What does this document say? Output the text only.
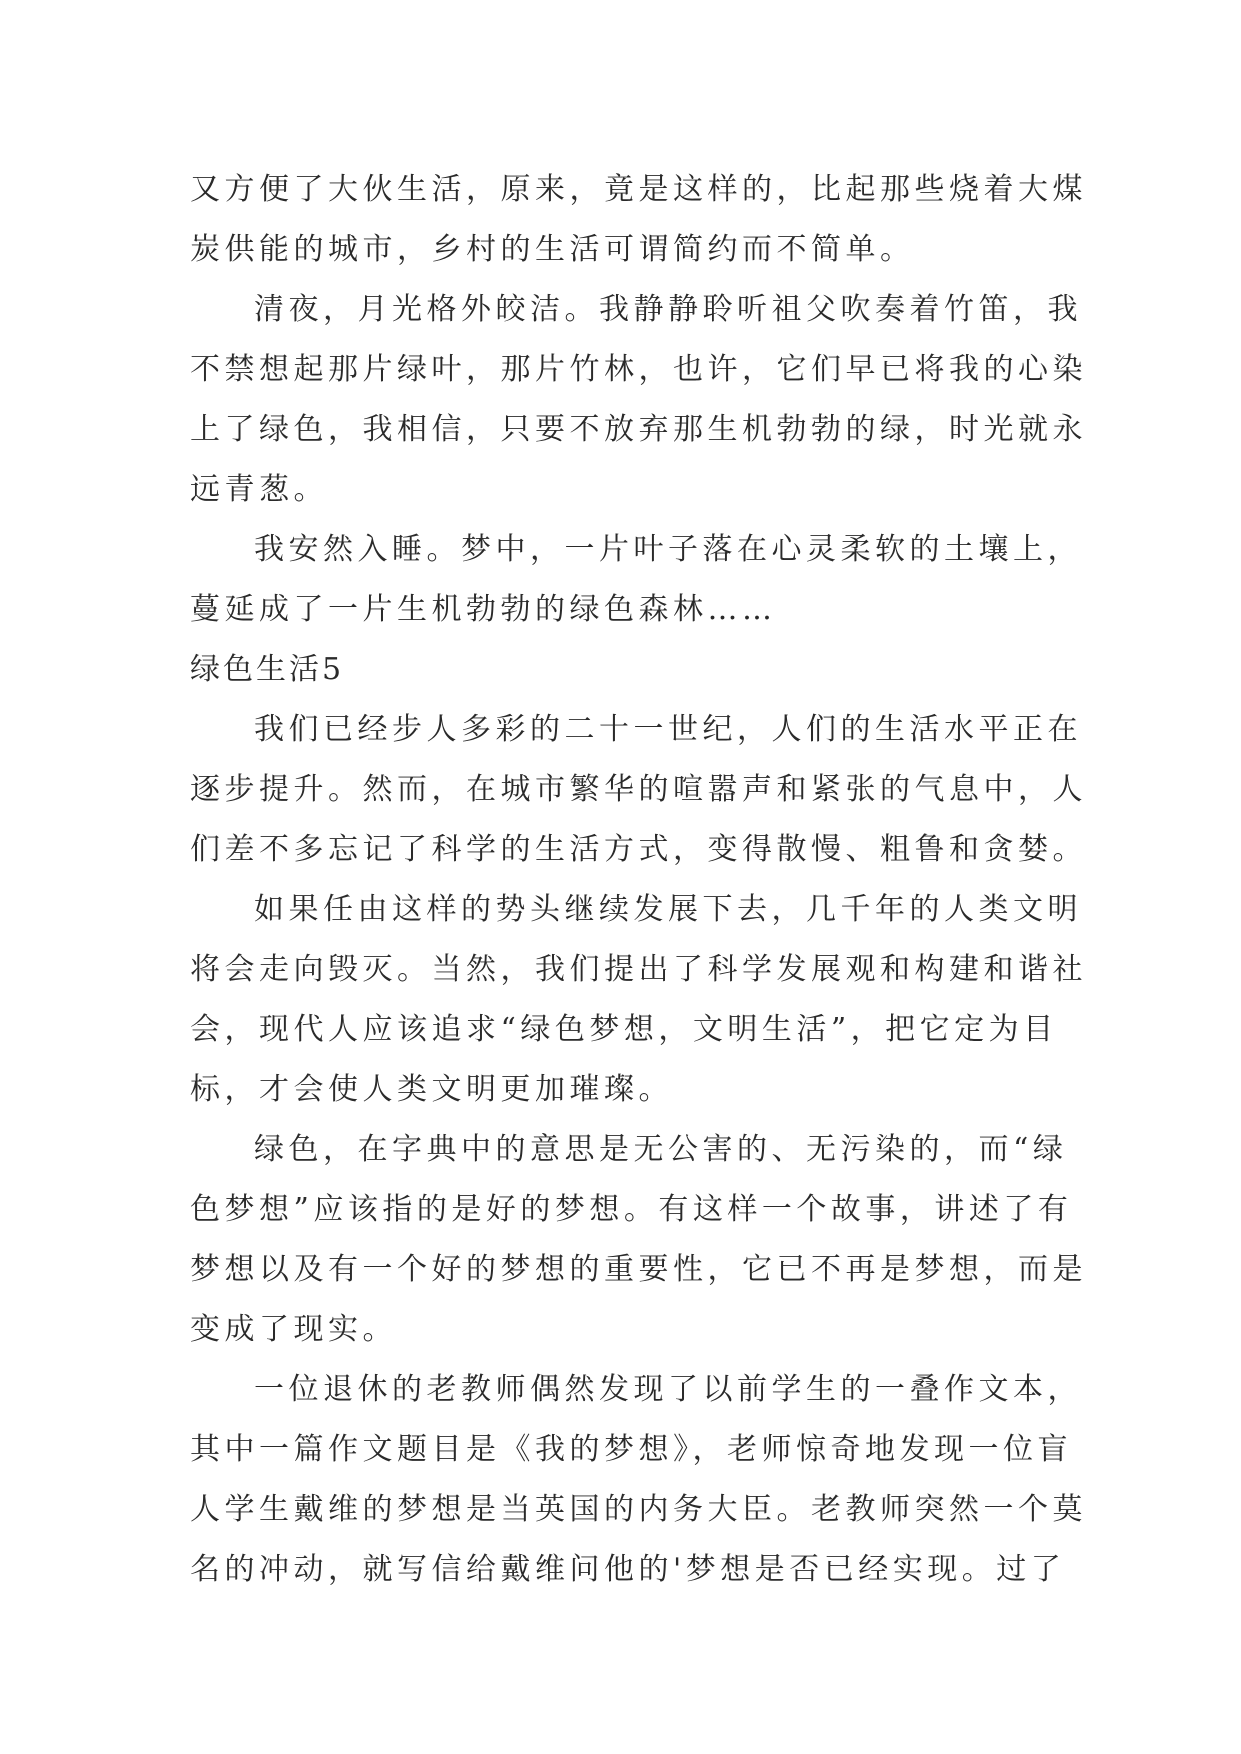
又方便了大伙生活，原来，竟是这样的，比起那些烧着大煤
炭供能的城市，乡村的生活可谓简约而不简单。
清夜，月光格外皎洁。我静静聆听祖父吹奏着竹笛，我
不禁想起那片绿叶，那片竹林，也许，它们早已将我的心染
上了绿色，我相信，只要不放弃那生机勃勃的绿，时光就永
远青葱。
我安然入睡。梦中，一片叶子落在心灵柔软的土壤上，
蔓延成了一片生机勃勃的绿色森林……
绿色生活5
我们已经步人多彩的二十一世纪，人们的生活水平正在
逐步提升。然而，在城市繁华的喧嚣声和紧张的气息中，人
们差不多忘记了科学的生活方式，变得散慢、粗鲁和贪婪。
如果任由这样的势头继续发展下去，几千年的人类文明
将会走向毁灭。当然，我们提出了科学发展观和构建和谐社
会，现代人应该追求“绿色梦想，文明生活”，把它定为目
标，才会使人类文明更加璀璨。
绿色，在字典中的意思是无公害的、无污染的，而“绿
色梦想”应该指的是好的梦想。有这样一个故事，讲述了有
梦想以及有一个好的梦想的重要性，它已不再是梦想，而是
变成了现实。
一位退休的老教师偶然发现了以前学生的一叠作文本，
其中一篇作文题目是《我的梦想》，老师惊奇地发现一位盲
人学生戴维的梦想是当英国的内务大臣。老教师突然一个莫
名的冲动，就写信给戴维问他的'梦想是否已经实现。过了
